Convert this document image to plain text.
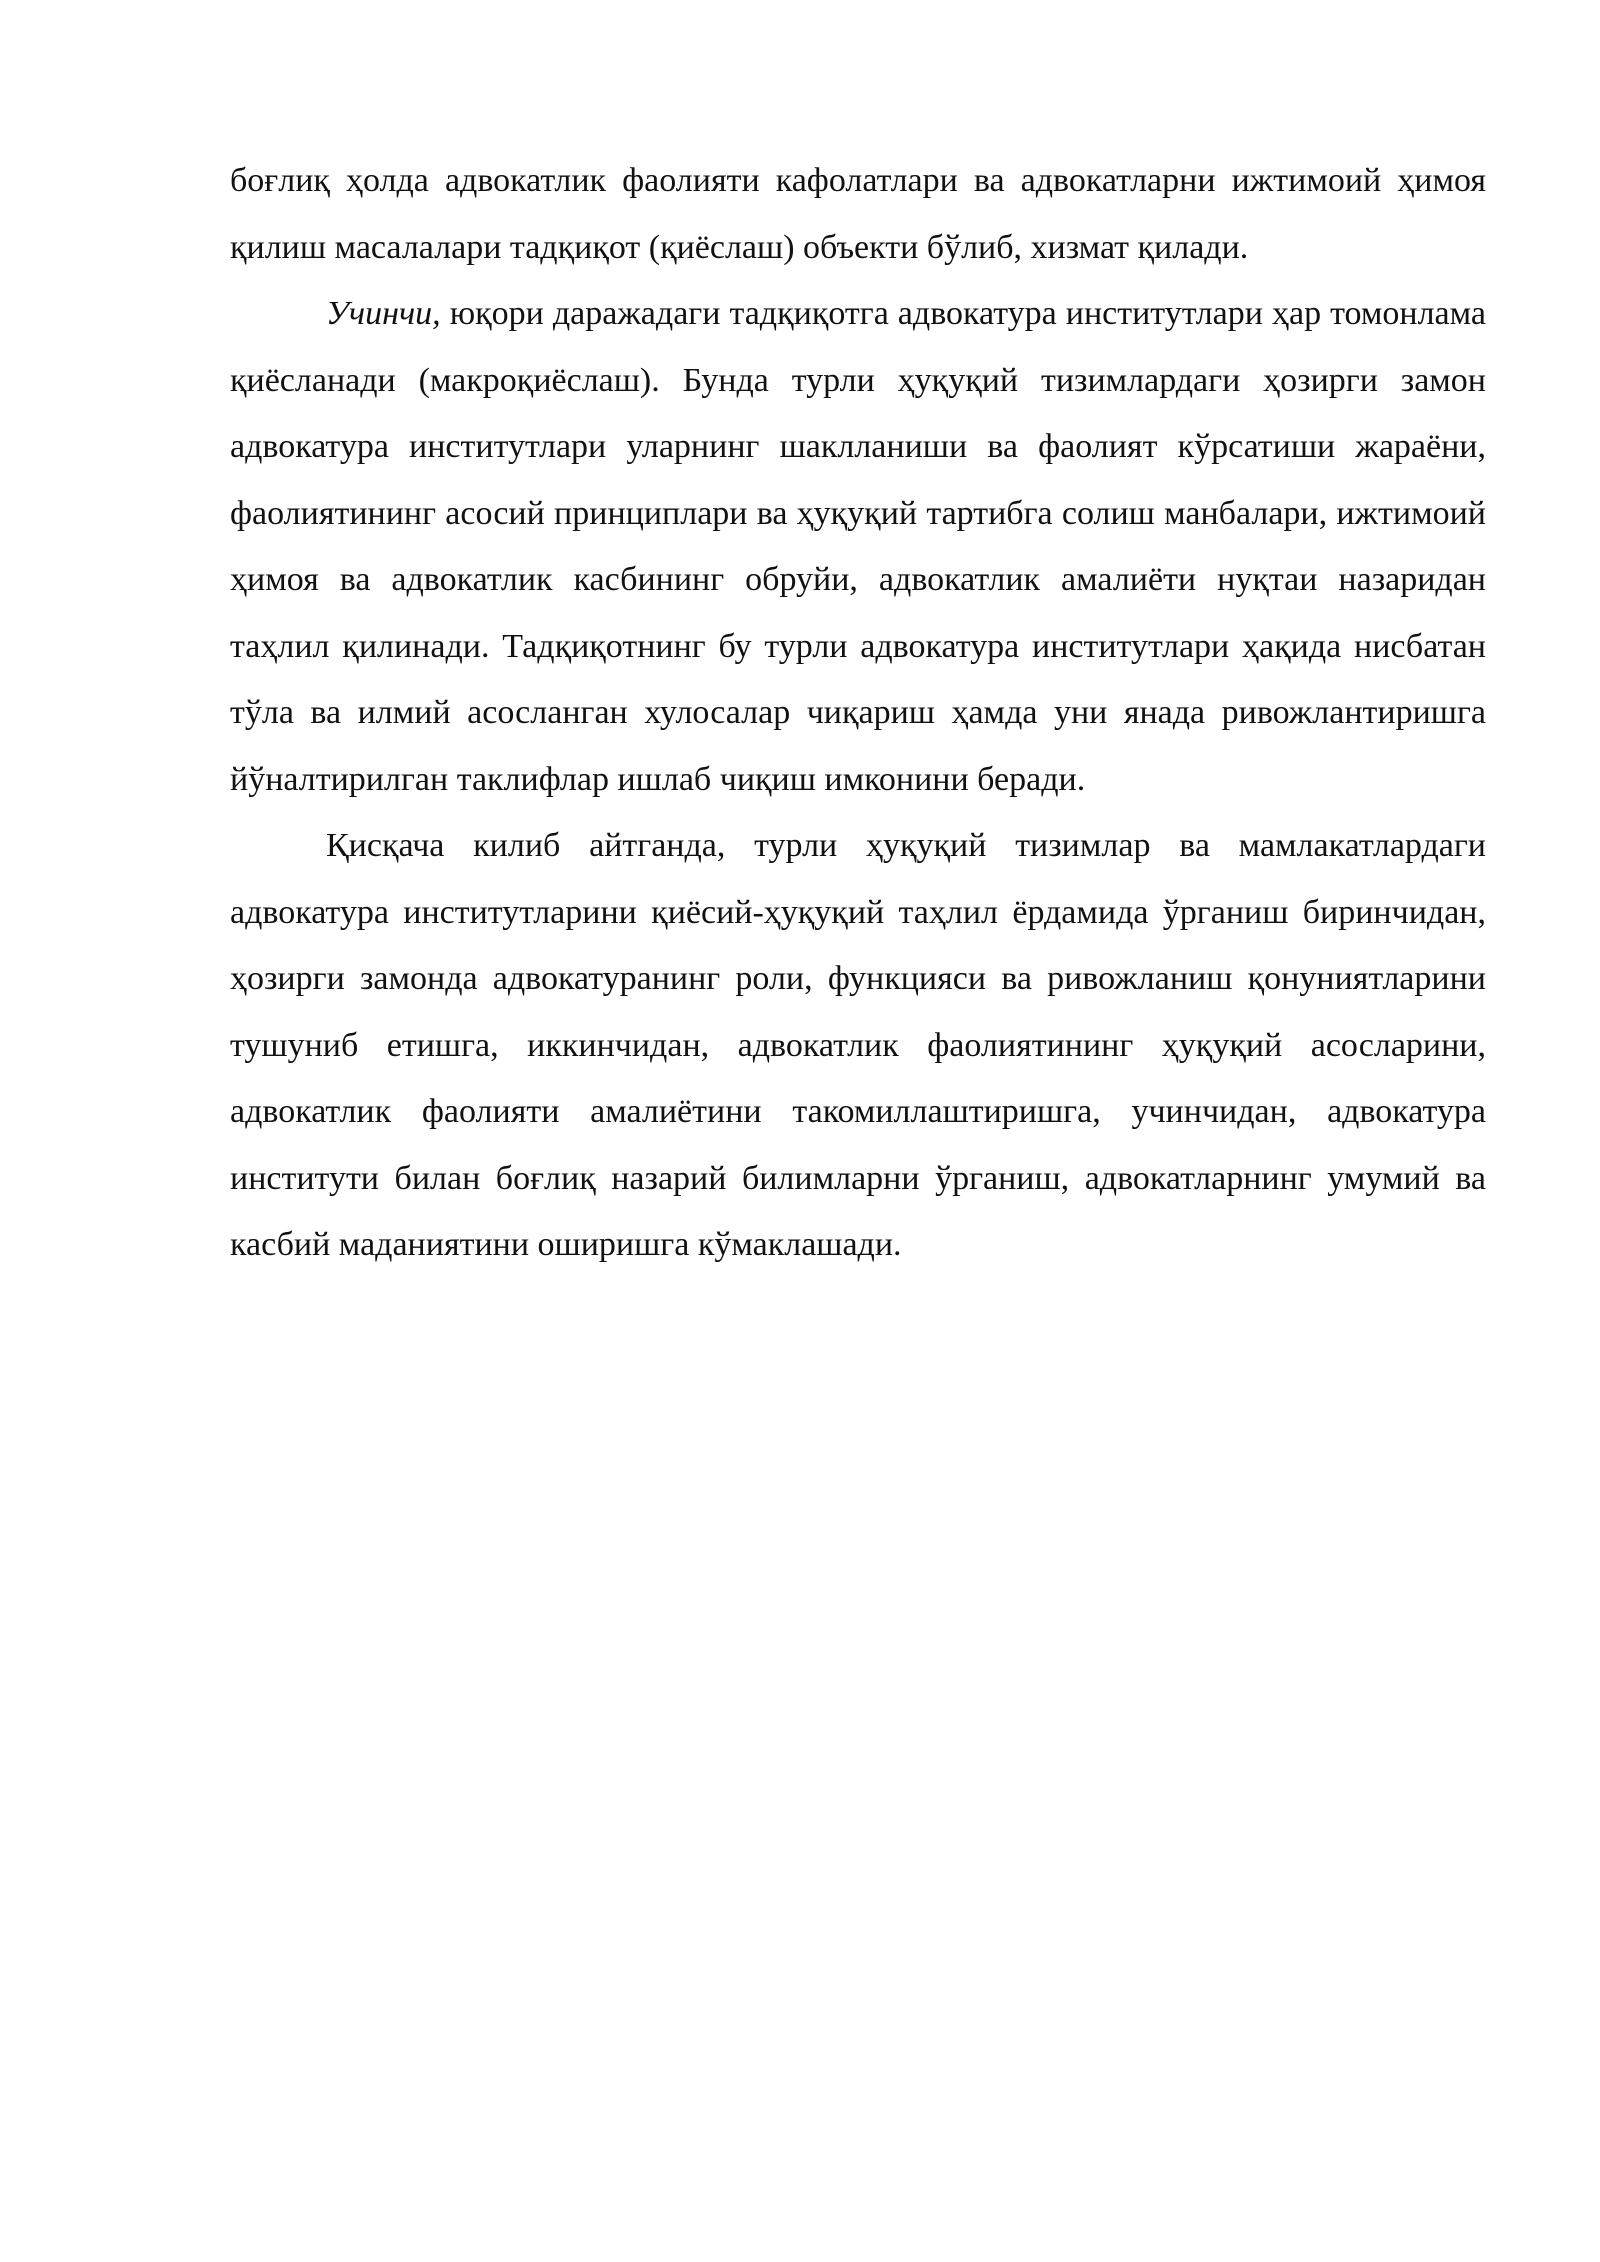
боғлиқ ҳолда адвокатлик фаолияти кафолатлари ва адвокатларни ижтимоий ҳимоя қилиш масалалари тадқиқот (қиёслаш) объекти бўлиб, хизмат қилади.

Учинчи, юқори даражадаги тадқиқотга адвокатура институтлари ҳар томонлама қиёсланади (макроқиёслаш). Бунда турли ҳуқуқий тизимлардаги ҳозирги замон адвокатура институтлари уларнинг шаклланиши ва фаолият кўрсатиши жараёни, фаолиятининг асосий принциплари ва ҳуқуқий тартибга солиш манбалари, ижтимоий ҳимоя ва адвокатлик касбининг обруйи, адвокатлик амалиёти нуқтаи назаридан таҳлил қилинади. Тадқиқотнинг бу турли адвокатура институтлари ҳақида нисбатан тўла ва илмий асосланган хулосалар чиқариш ҳамда уни янада ривожлантиришга йўналтирилган таклифлар ишлаб чиқиш имконини беради.

Қисқача килиб айтганда, турли ҳуқуқий тизимлар ва мамлакатлардаги адвокатура институтларини қиёсий-ҳуқуқий таҳлил ёрдамида ўрганиш биринчидан, ҳозирги замонда адвокатуранинг роли, функцияси ва ривожланиш қонуниятларини тушуниб етишга, иккинчидан, адвокатлик фаолиятининг ҳуқуқий асосларини, адвокатлик фаолияти амалиётини такомиллаштиришга, учинчидан, адвокатура институти билан боғлиқ назарий билимларни ўрганиш, адвокатларнинг умумий ва касбий маданиятини оширишга кўмаклашади.
